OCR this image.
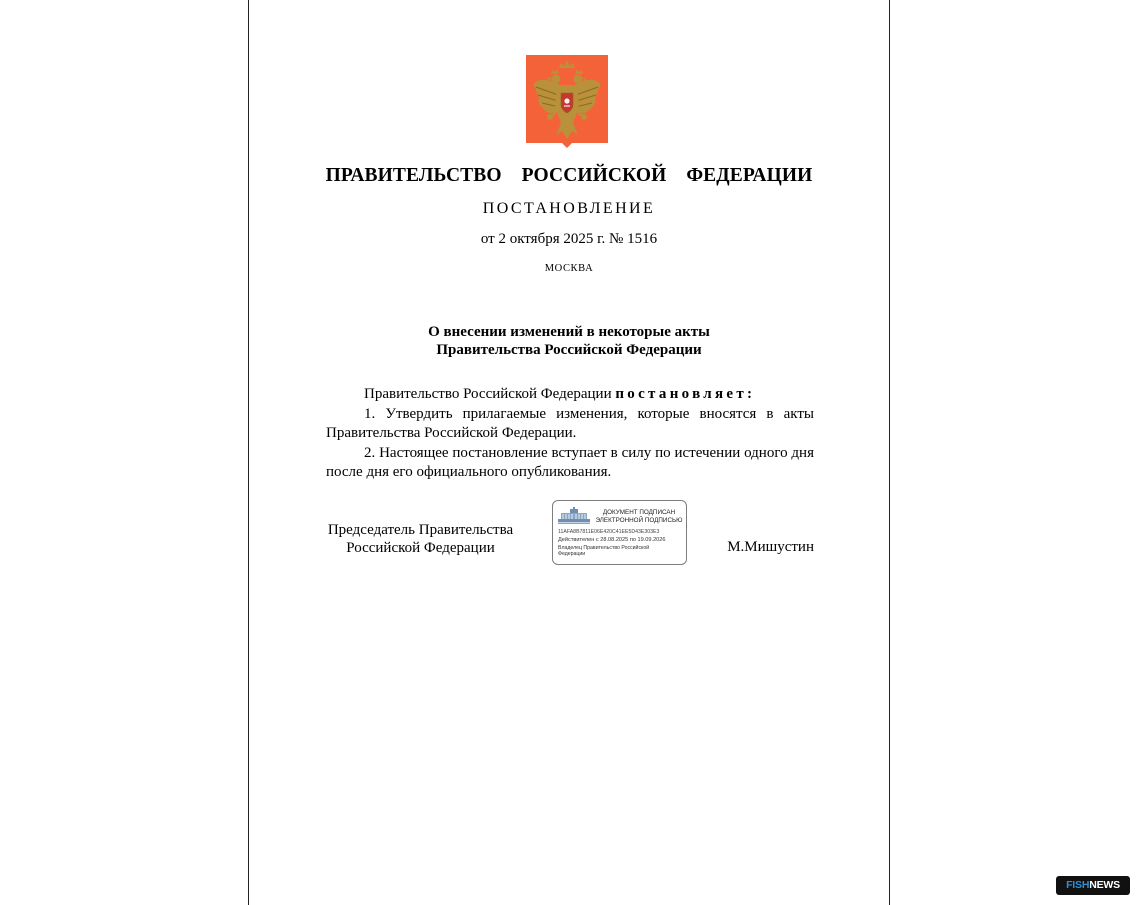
ПРАВИТЕЛЬСТВО  РОССИЙСКОЙ  ФЕДЕРАЦИИ
ПОСТАНОВЛЕНИЕ
от 2 октября 2025 г. № 1516
МОСКВА
О внесении изменений в некоторые акты
Правительства Российской Федерации

Правительство Российской Федерации постановляет:

1. Утвердить прилагаемые изменения, которые вносятся в акты Правительства Российской Федерации.

2. Настоящее постановление вступает в силу по истечении одного дня после дня его официального опубликования.

Председатель Правительства
Российской Федерации
ДОКУМЕНТ ПОДПИСАН
ЭЛЕКТРОННОЙ ПОДПИСЬЮ
11AFA8B7811E06E420C41EE5D43E303E3
Действителен с 28.08.2025 по 19.09.2026
Владелец Правительство Российской Федерации	М.Мишустин
FISHNEWS
